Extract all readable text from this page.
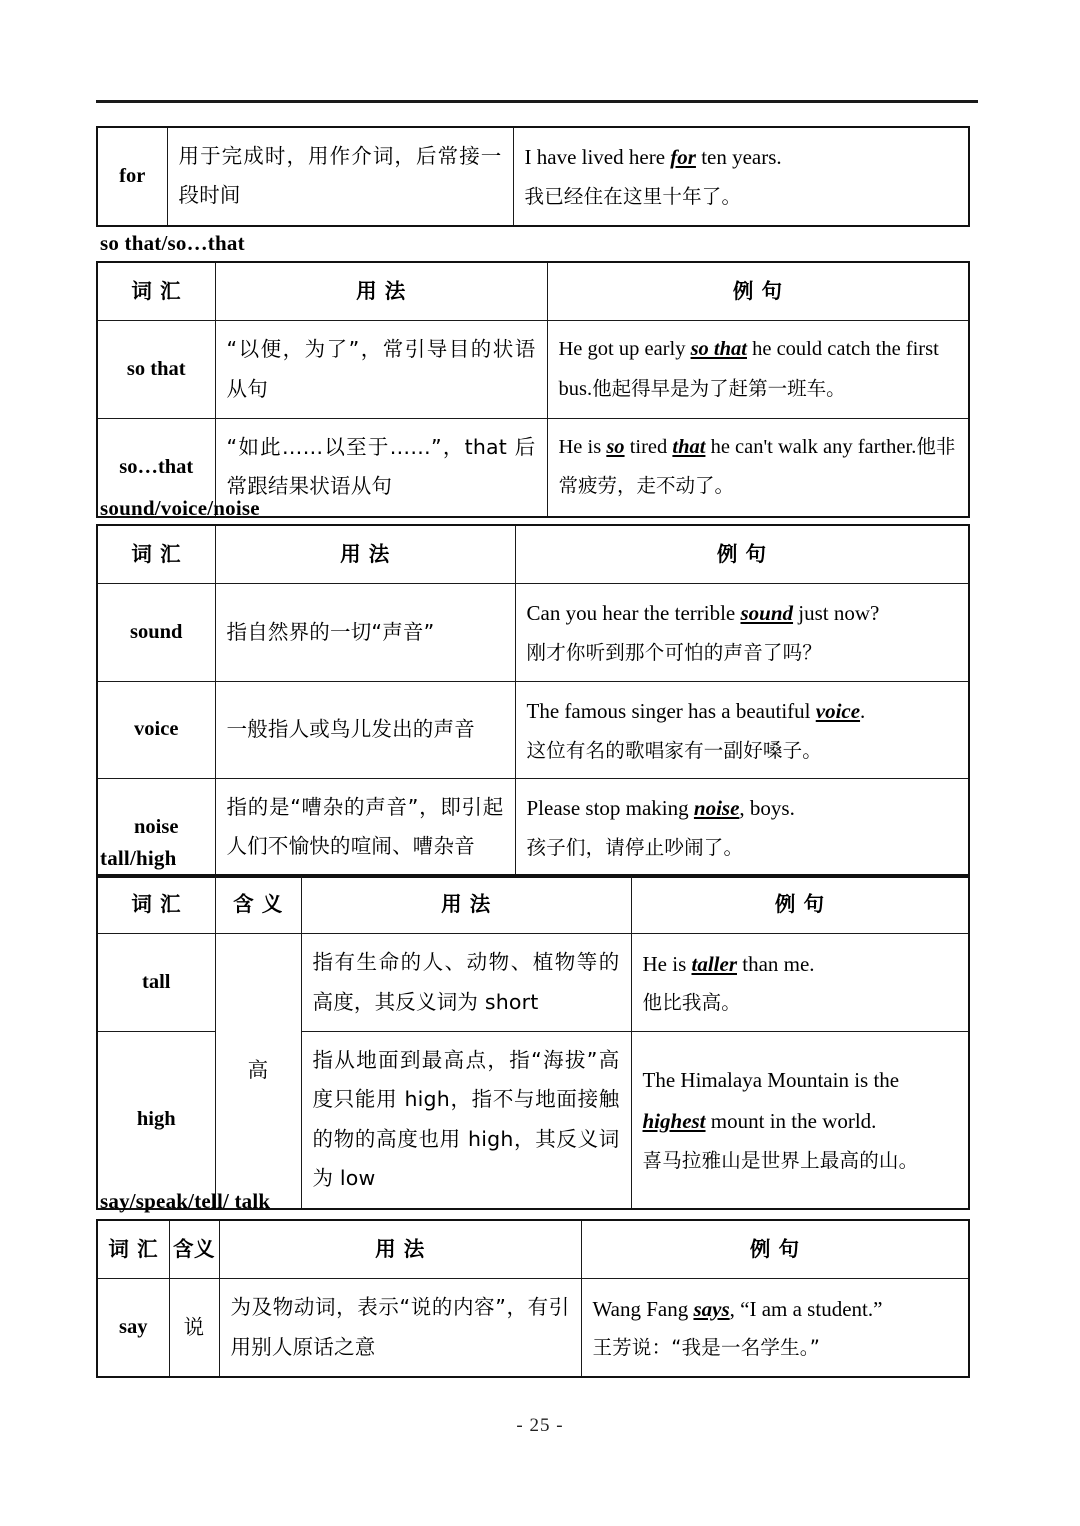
for	用于完成时，用作介词，后常接一段时间	
I have lived here for ten years.
我已经住在这里十年了。
so that/so…that
词 汇	用 法	例 句
so that	“以便，为了”，常引导目的状语从句	He got up early so that he could catch the first bus.他起得早是为了赶第一班车。
so…that	“如此……以至于……”，that 后常跟结果状语从句	He is so tired that he can't walk any farther.他非常疲劳，走不动了。
sound/voice/noise
词 汇	用 法	例 句
sound	指自然界的一切“声音”	Can you hear the terrible sound just now?
刚才你听到那个可怕的声音了吗？

voice	一般指人或鸟儿发出的声音	The famous singer has a beautiful voice.
这位有名的歌唱家有一副好嗓子。

noise	指的是“嘈杂的声音”，即引起人们不愉快的喧闹、嘈杂音	Please stop making noise, boys.
孩子们，请停止吵闹了。
tall/high
词 汇	含 义	用 法	例 句
tall	高	指有生命的人、动物、植物等的高度，其反义词为 short	He is taller than me.
他比我高。

high		指从地面到最高点，指“海拔”高度只能用 high，指不与地面接触的物的高度也用 high，其反义词为 low	The Himalaya Mountain is the highest mount in the world.
喜马拉雅山是世界上最高的山。
say/speak/tell/ talk
词 汇	含义	用 法	例 句
say	说	为及物动词，表示“说的内容”，有引用别人原话之意	Wang Fang says, “I am a student.”
王芳说：“我是一名学生。”
- 25 -
